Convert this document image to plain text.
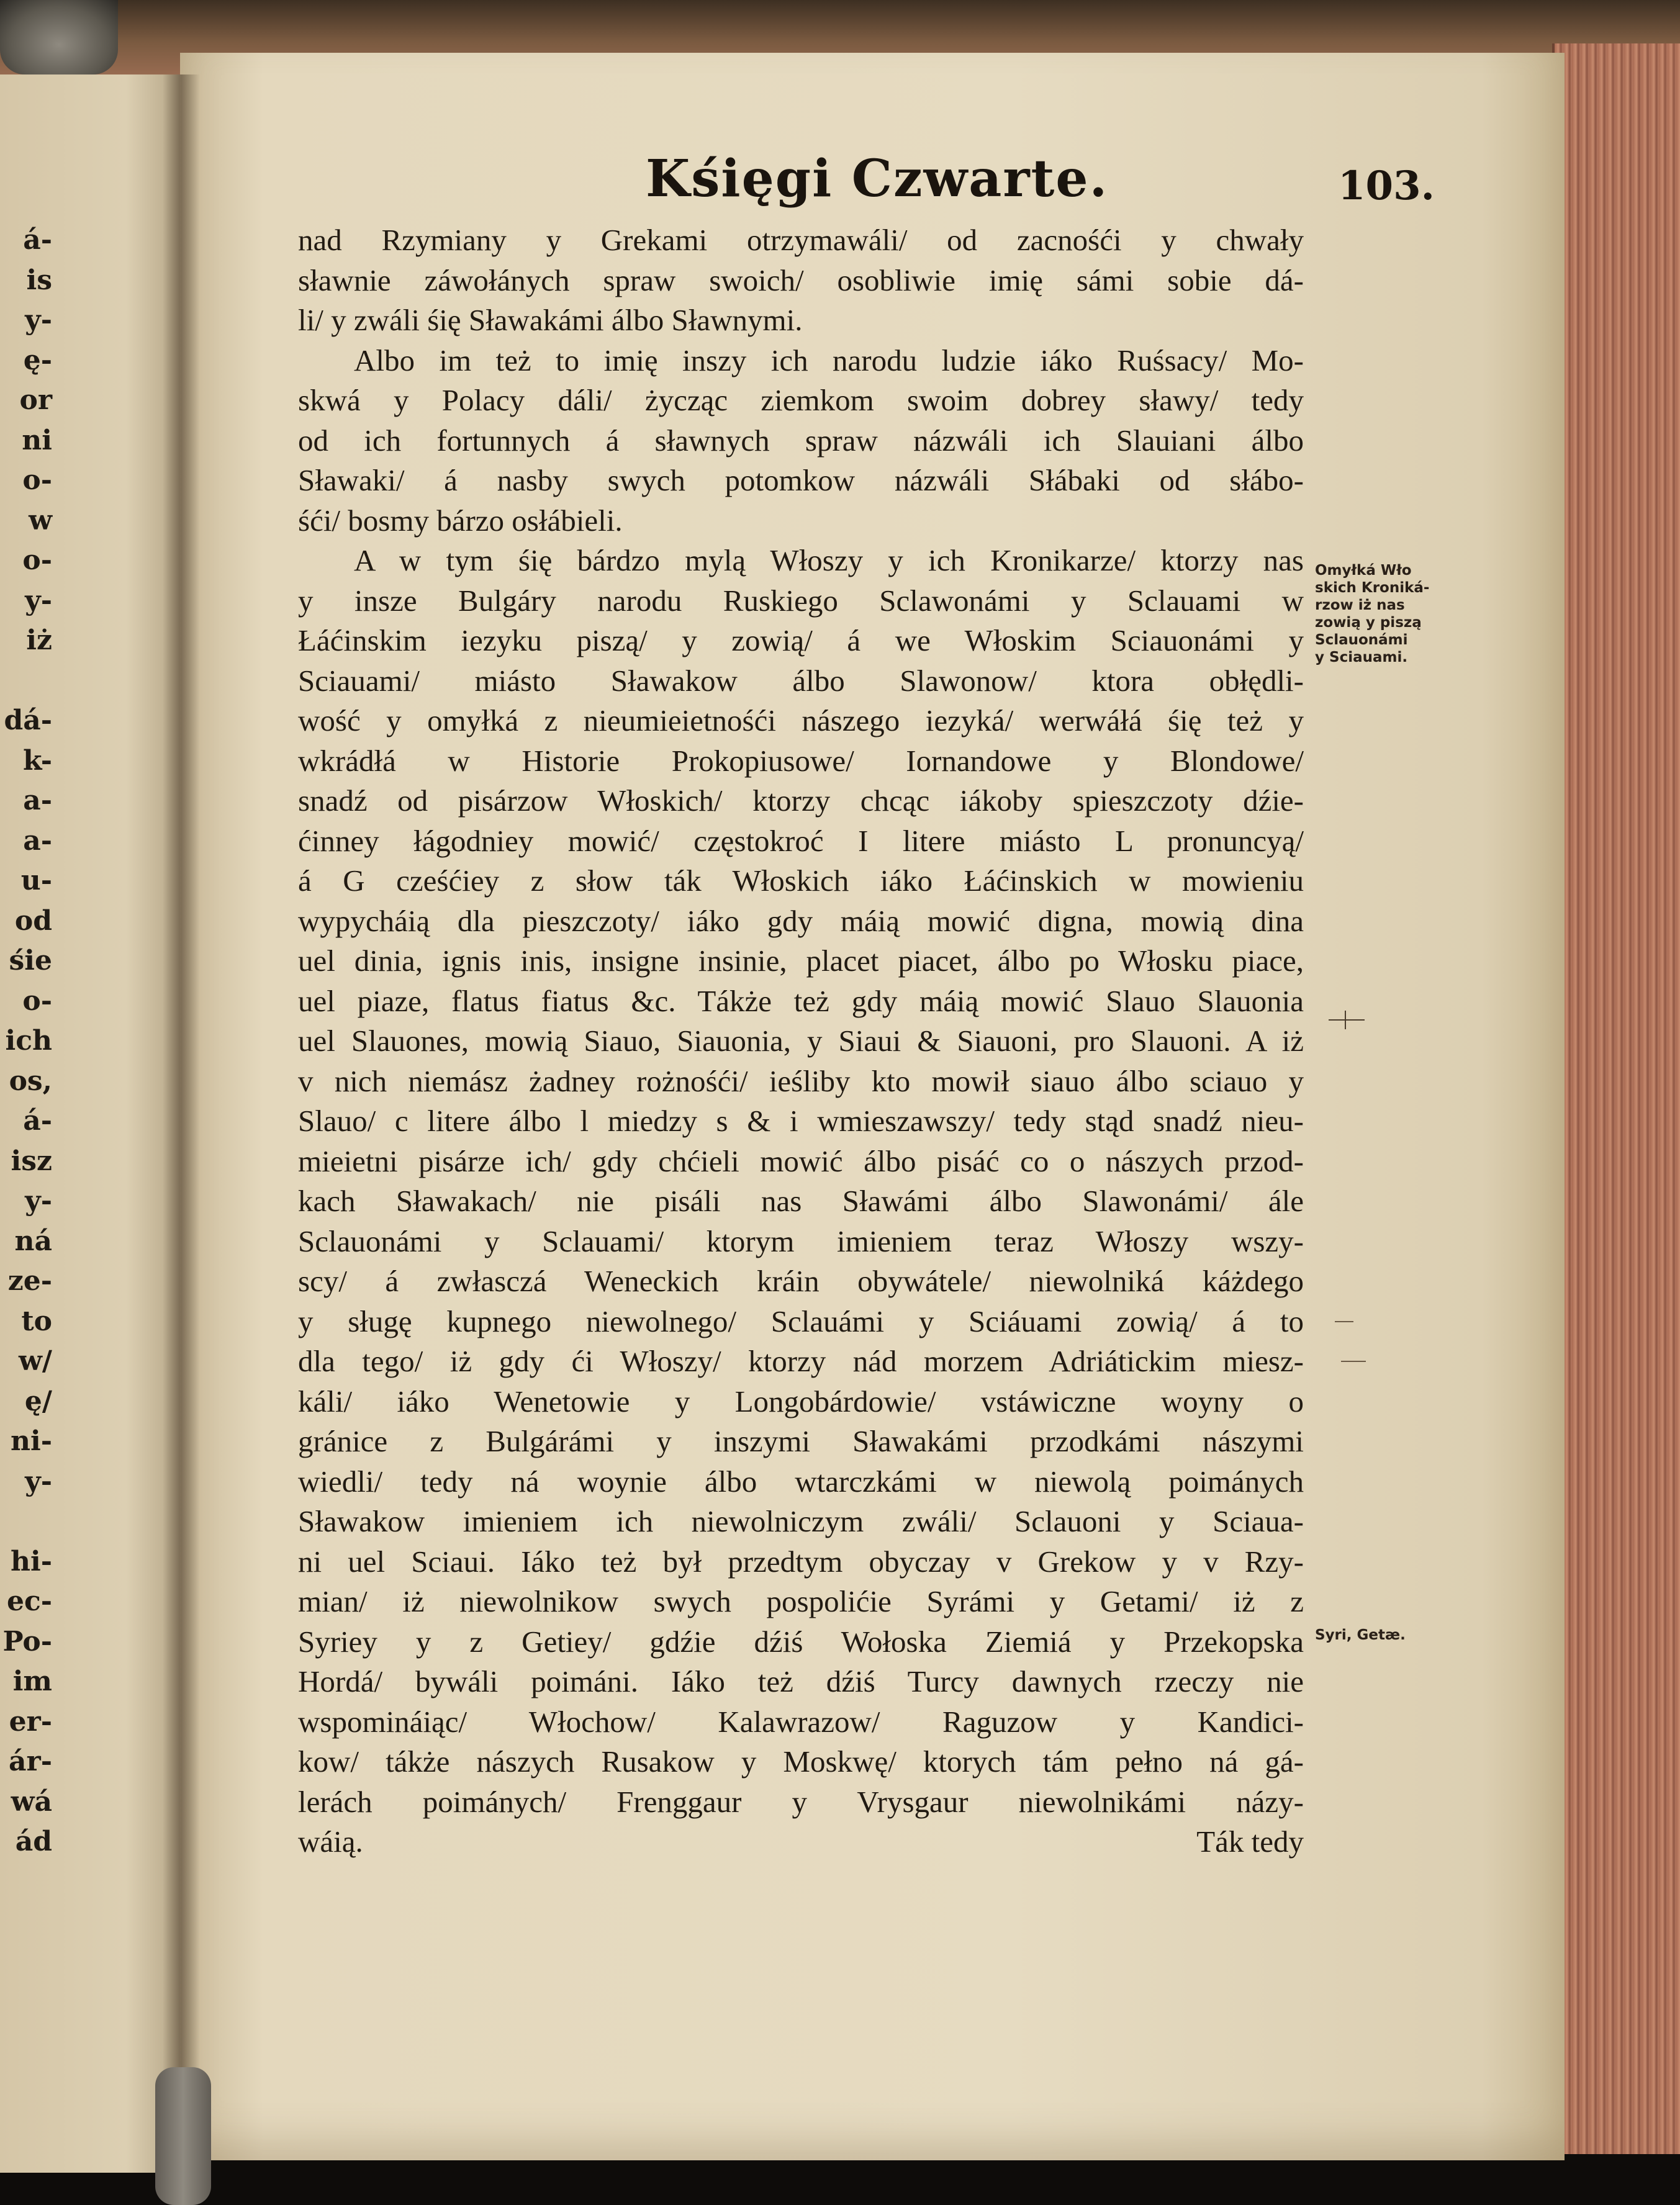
á-
is
y-
ę-
or
ni
o-
w
o-
y-
iż
dá-
k-
a-
a-
u-
od
śie
o-
ich
os,
á-
isz
y-
ná
ze-
to
w/
ę/
ni-
y-
hi-
ec-
Po-
im
er-
ár-
wá
ád
Kśięgi Czwarte.	103.
nad Rzymiany y Grekami otrzymawáli/ od zacnośći y chwały
sławnie záwołánych spraw swoich/ osobliwie imię sámi sobie dá-
li/ y zwáli śię Sławakámi álbo Sławnymi.
Albo im też to imię inszy ich narodu ludzie iáko Ruśsacy/ Mo-
skwá y Polacy dáli/ życząc ziemkom swoim dobrey sławy/ tedy
od ich fortunnych á sławnych spraw názwáli ich Slauiani álbo
Sławaki/ á nasby swych potomkow názwáli Słábaki od słábo-
śći/ bosmy bárzo osłábieli.
A w tym śię bárdzo mylą Włoszy y ich Kronikarze/ ktorzy nas
y insze Bulgáry narodu Ruskiego Sclawonámi y Sclauami w
Łáćinskim iezyku piszą/ y zowią/ á we Włoskim Sciauonámi y
Sciauami/ miásto Sławakow álbo Slawonow/ ktora obłędli-
wość y omyłká z nieumieietnośći nászego iezyká/ werwáłá śię też y
wkrádłá w Historie Prokopiusowe/ Iornandowe y Blondowe/
snadź od pisárzow Włoskich/ ktorzy chcąc iákoby spieszczoty dźie-
ćinney łágodniey mowić/ częstokroć I litere miásto L pronuncyą/
á G cześćiey z słow ták Włoskich iáko Łáćinskich w mowieniu
wypycháią dla pieszczoty/ iáko gdy máią mowić digna, mowią dina
uel dinia, ignis inis, insigne insinie, placet piacet, álbo po Włosku piace,
uel piaze, flatus fiatus &c. Tákże też gdy máią mowić Slauo Slauonia
uel Slauones, mowią Siauo, Siauonia, y Siaui & Siauoni, pro Slauoni. A iż
v nich niemász żadney rożnośći/ ieśliby kto mowił siauo álbo sciauo y
Slauo/ c litere álbo l miedzy s & i wmieszawszy/ tedy stąd snadź nieu-
mieietni pisárze ich/ gdy chćieli mowić álbo pisáć co o nászych przod-
kach Sławakach/ nie pisáli nas Sławámi álbo Slawonámi/ ále
Sclauonámi y Sclauami/ ktorym imieniem teraz Włoszy wszy-
scy/ á zwłasczá Weneckich kráin obywátele/ niewolniká káżdego
y sługę kupnego niewolnego/ Sclauámi y Sciáuami zowią/ á to
dla tego/ iż gdy ći Włoszy/ ktorzy nád morzem Adriátickim miesz-
káli/ iáko Wenetowie y Longobárdowie/ vstáwiczne woyny o
gránice z Bulgárámi y inszymi Sławakámi przodkámi nászymi
wiedli/ tedy ná woynie álbo wtarczkámi w niewolą poimánych
Sławakow imieniem ich niewolniczym zwáli/ Sclauoni y Sciaua-
ni uel Sciaui. Iáko też był przedtym obyczay v Grekow y v Rzy-
mian/ iż niewolnikow swych pospolićie Syrámi y Getami/ iż z
Syriey y z Getiey/ gdźie dźiś Wołoska Ziemiá y Przekopska
Hordá/ bywáli poimáni. Iáko też dźiś Turcy dawnych rzeczy nie
wspomináiąc/ Włochow/ Kalawrazow/ Raguzow y Kandici-
kow/ tákże nászych Rusakow y Moskwę/ ktorych tám pełno ná gá-
lerách poimánych/ Frenggaur y Vrysgaur niewolnikámi názy-
wáią.	Ták tedy
Omyłká Wło
skich Kroniká-
rzow iż nas
zowią y piszą
Sclauonámi
y Sciauami.
Syri, Getæ.
